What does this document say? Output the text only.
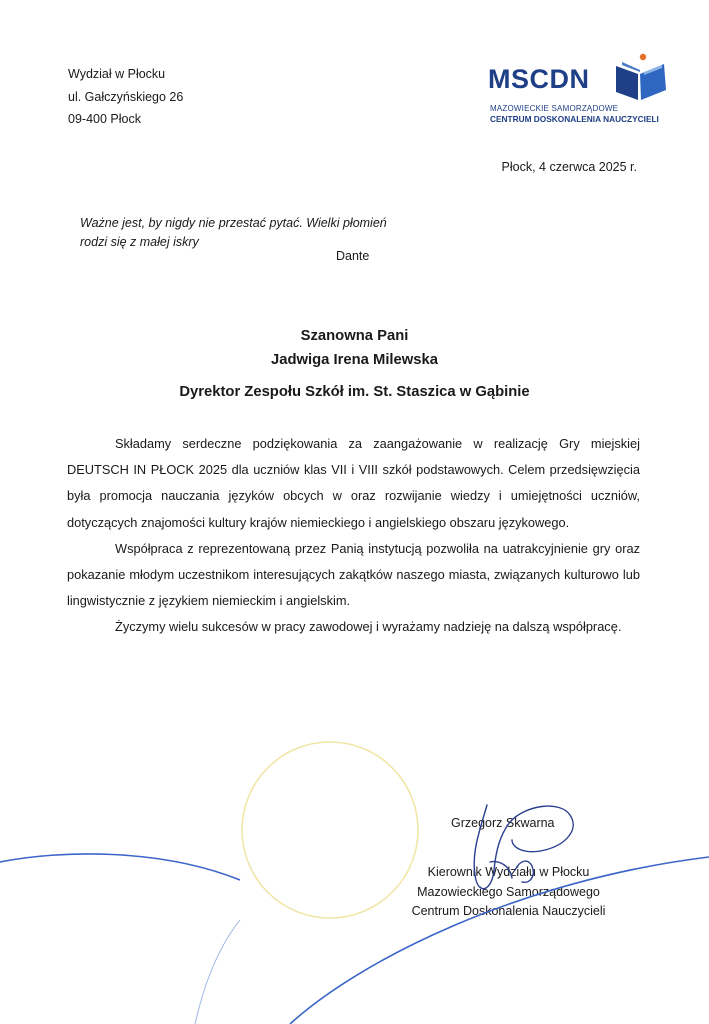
Wydział w Płocku
ul. Gałczyńskiego 26
09-400 Płock
MSCDN
MAZOWIECKIE SAMORZĄDOWE
CENTRUM DOSKONALENIA NAUCZYCIELI
Płock, 4 czerwca 2025 r.
Ważne jest, by nigdy nie przestać pytać. Wielki płomień rodzi się z małej iskry
Dante
Szanowna Pani
Jadwiga Irena Milewska
Dyrektor Zespołu Szkół im. St. Staszica w Gąbinie

Składamy serdeczne podziękowania za zaangażowanie w realizację Gry miejskiej DEUTSCH IN PŁOCK 2025 dla uczniów klas VII i VIII szkół podstawowych. Celem przedsięwzięcia była promocja nauczania języków obcych w oraz rozwijanie wiedzy i umiejętności uczniów, dotyczących znajomości kultury krajów niemieckiego i angielskiego obszaru językowego.

Współpraca z reprezentowaną przez Panią instytucją pozwoliła na uatrakcyjnienie gry oraz pokazanie młodym uczestnikom interesujących zakątków naszego miasta, związanych kulturowo lub lingwistycznie z językiem niemieckim i angielskim.

Życzymy wielu sukcesów w pracy zawodowej i wyrażamy nadzieję na dalszą współpracę.

Grzegorz Skwarna
Kierownik Wydziału w Płocku
Mazowieckiego Samorządowego
Centrum Doskonalenia Nauczycieli
